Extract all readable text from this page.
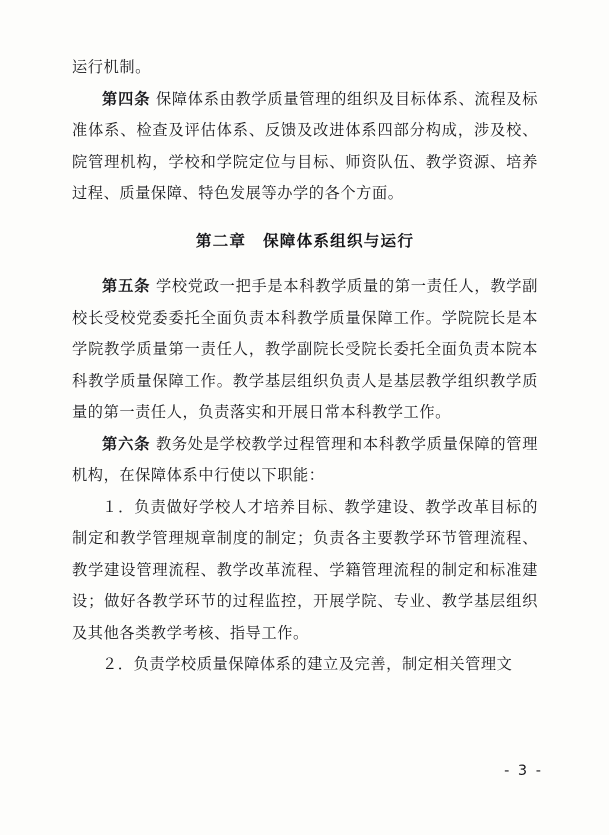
运行机制。

第四条 保障体系由教学质量管理的组织及目标体系、流程及标准体系、检查及评估体系、反馈及改进体系四部分构成，涉及校、院管理机构，学校和学院定位与目标、师资队伍、教学资源、培养过程、质量保障、特色发展等办学的各个方面。

第二章　保障体系组织与运行

第五条 学校党政一把手是本科教学质量的第一责任人，教学副校长受校党委委托全面负责本科教学质量保障工作。学院院长是本学院教学质量第一责任人，教学副院长受院长委托全面负责本院本科教学质量保障工作。教学基层组织负责人是基层教学组织教学质量的第一责任人，负责落实和开展日常本科教学工作。

第六条 教务处是学校教学过程管理和本科教学质量保障的管理机构，在保障体系中行使以下职能：

１．负责做好学校人才培养目标、教学建设、教学改革目标的制定和教学管理规章制度的制定；负责各主要教学环节管理流程、教学建设管理流程、教学改革流程、学籍管理流程的制定和标准建设；做好各教学环节的过程监控，开展学院、专业、教学基层组织及其他各类教学考核、指导工作。

２．负责学校质量保障体系的建立及完善，制定相关管理文

- 3 -
